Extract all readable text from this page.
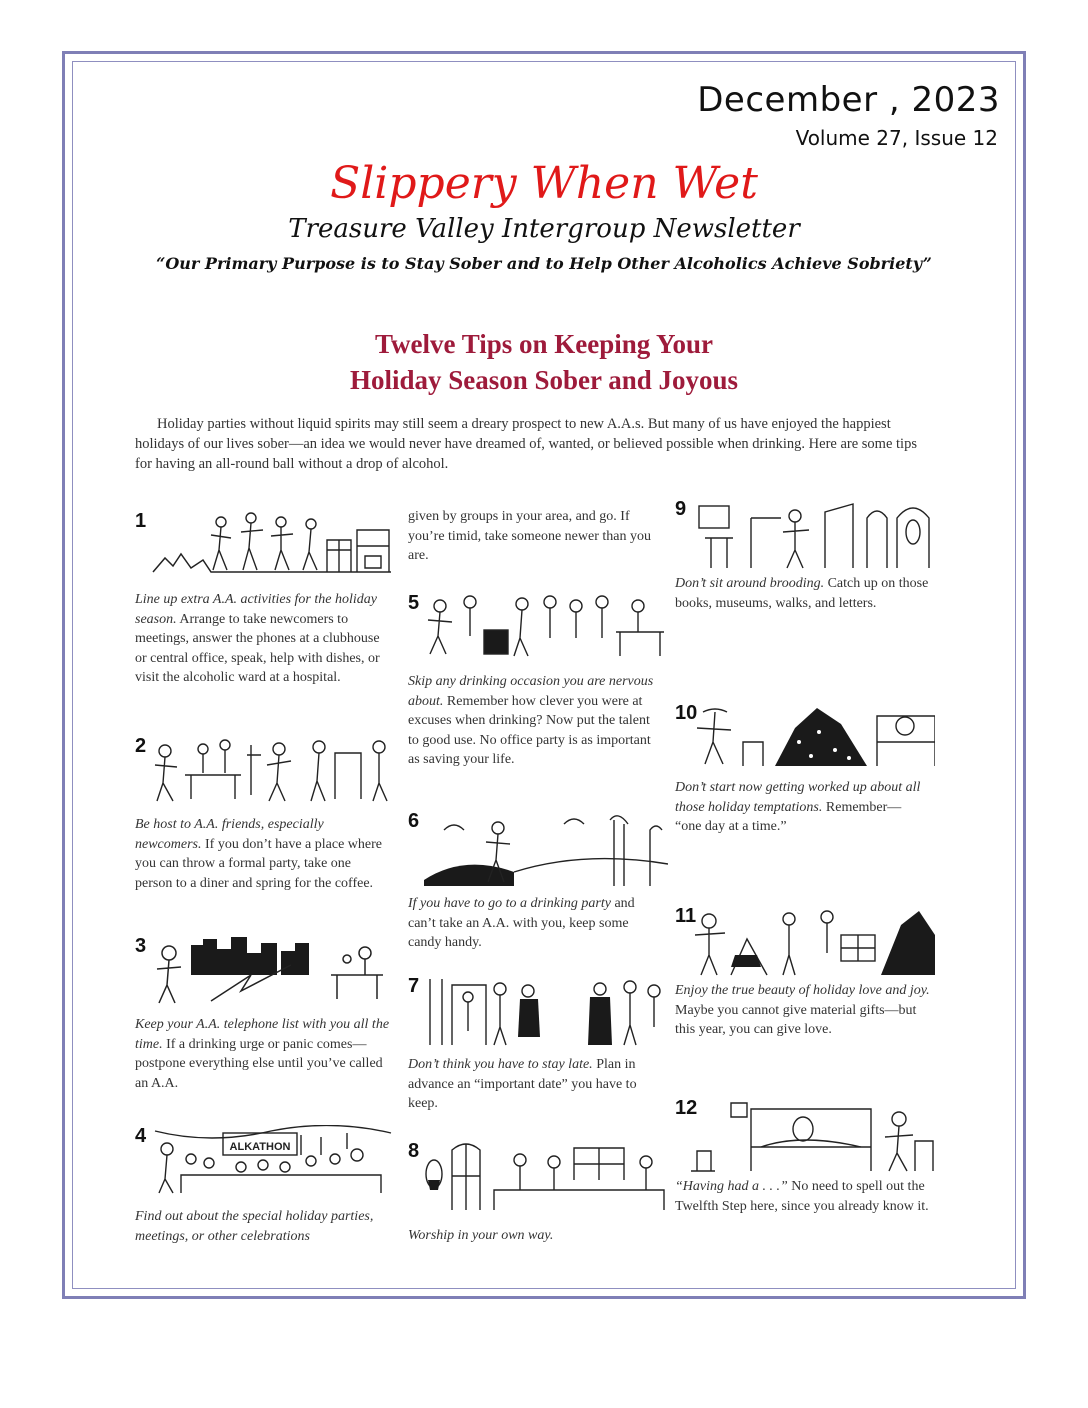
December , 2023
Volume 27, Issue 12
Slippery When Wet
Treasure Valley Intergroup Newsletter
“Our Primary Purpose is to Stay Sober and to Help Other Alcoholics Achieve Sobriety”
Twelve Tips on Keeping Your
Holiday Season Sober and Joyous
Holiday parties without liquid spirits may still seem a dreary prospect to new A.A.s. But many of us have enjoyed the happiest holidays of our lives sober—an idea we would never have dreamed of, wanted, or believed possible when drinking. Here are some tips for having an all-round ball without a drop of alcohol.
1
Line up extra A.A. activities for the holiday season. Arrange to take newcomers to meetings, answer the phones at a clubhouse or central office, speak, help with dishes, or visit the alcoholic ward at a hospital.
2
Be host to A.A. friends, especially newcomers. If you don’t have a place where you can throw a formal party, take one person to a diner and spring for the coffee.
3
Keep your A.A. telephone list with you all the time. If a drinking urge or panic comes—postpone everything else until you’ve called an A.A.
4	ALKATHON
Find out about the special holiday parties, meetings, or other celebrations
given by groups in your area, and go. If you’re timid, take someone newer than you are.
5
Skip any drinking occasion you are nervous about. Remember how clever you were at excuses when drinking? Now put the talent to good use. No office party is as important as saving your life.
6
If you have to go to a drinking party and can’t take an A.A. with you, keep some candy handy.
7
Don’t think you have to stay late. Plan in advance an “important date” you have to keep.
8
Worship in your own way.
9
Don’t sit around brooding. Catch up on those books, museums, walks, and letters.
10
Don’t start now getting worked up about all those holiday temptations. Remember— “one day at a time.”
11
Enjoy the true beauty of holiday love and joy. Maybe you cannot give material gifts—but this year, you can give love.
12
“Having had a . . .” No need to spell out the Twelfth Step here, since you already know it.
